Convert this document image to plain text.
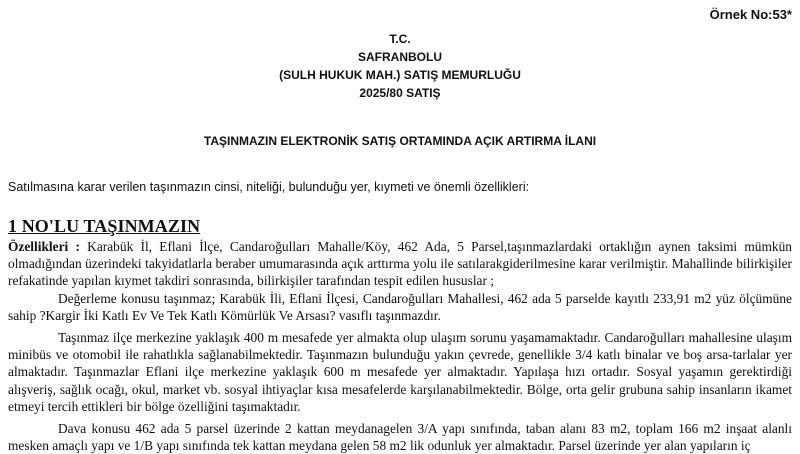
Örnek No:53*
T.C.
SAFRANBOLU
(SULH HUKUK MAH.) SATIŞ MEMURLUĞU
2025/80 SATIŞ
TAŞINMAZIN ELEKTRONİK SATIŞ ORTAMINDA AÇIK ARTIRMA İLANI
Satılmasına karar verilen taşınmazın cinsi, niteliği, bulunduğu yer, kıymeti ve önemli özellikleri:
1 NO'LU TAŞINMAZIN

Özellikleri : Karabük İl, Eflani İlçe, Candaroğulları Mahalle/Köy, 462 Ada, 5 Parsel,taşınmazlardaki ortaklığın aynen taksimi mümkün olmadığından üzerindeki takyidatlarla beraber umumarasında açık arttırma yolu ile satılarakgiderilmesine karar verilmiştir. Mahallinde bilirkişiler refakatinde yapılan kıymet takdiri sonrasında, bilirkişiler tarafından tespit edilen hususlar ;

Değerleme konusu taşınmaz; Karabük İli, Eflani İlçesi, Candaroğulları Mahallesi, 462 ada 5 parselde kayıtlı 233,91 m2 yüz ölçümüne sahip ?Kargir İki Katlı Ev Ve Tek Katlı Kömürlük Ve Arsası? vasıflı taşınmazdır.

Taşınmaz ilçe merkezine yaklaşık 400 m mesafede yer almakta olup ulaşım sorunu yaşamamaktadır. Candaroğulları mahallesine ulaşım minibüs ve otomobil ile rahatlıkla sağlanabilmektedir. Taşınmazın bulunduğu yakın çevrede, genellikle 3/4 katlı binalar ve boş arsa-tarlalar yer almaktadır. Taşınmazlar Eflani ilçe merkezine yaklaşık 600 m mesafede yer almaktadır. Yapılaşa hızı ortadır. Sosyal yaşamın gerektirdiği alışveriş, sağlık ocağı, okul, market vb. sosyal ihtiyaçlar kısa mesafelerde karşılanabilmektedir. Bölge, orta gelir grubuna sahip insanların ikamet etmeyi tercih ettikleri bir bölge özelliğini taşımaktadır.

Dava konusu 462 ada 5 parsel üzerinde 2 kattan meydanagelen 3/A yapı sınıfında, taban alanı 83 m2, toplam 166 m2 inşaat alanlı mesken amaçlı yapı ve 1/B yapı sınıfında tek kattan meydana gelen 58 m2 lik odunluk yer almaktadır. Parsel üzerinde yer alan yapıların iç
